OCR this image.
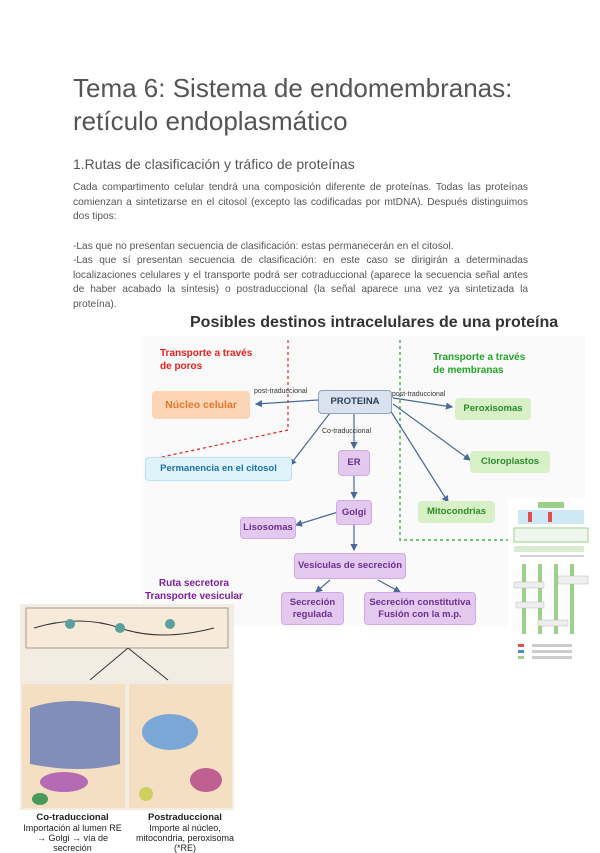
Tema 6: Sistema de endomembranas: retículo endoplasmático
1.Rutas de clasificación y tráfico de proteínas

Cada compartimento celular tendrá una composición diferente de proteínas. Todas las proteínas comienzan a sintetizarse en el citosol (excepto las codificadas por mtDNA). Después distinguimos dos tipos:

-Las que no presentan secuencia de clasificación: estas permanecerán en el citosol.

-Las que sí presentan secuencia de clasificación: en este caso se dirigirán a determinadas localizaciones celulares y el transporte podrá ser cotraduccional (aparece la secuencia señal antes de haber acabado la síntesis) o postraduccional (la señal aparece una vez ya sintetizada la proteína).

Posibles destinos intracelulares de una proteína
Transporte a través
de poros
Transporte a través
de membranas
PROTEINA
Núcleo celular
Permanencia en el citosol
Peroxisomas
Cloroplastos
Mitocondrias
ER
Golgi
Lisosomas
Vesículas de secreción
Secreción
regulada
Secreción constitutiva
Fusión con la m.p.
post-traduccional	post-traduccional
Co-traduccional
Ruta secretora
Transporte vesicular
Co-traduccional
Importación al lumen RE
→ Golgi → vía de secreción
Postraduccional
Importe al núcleo,
mitocondria, peroxisoma (*RE)
